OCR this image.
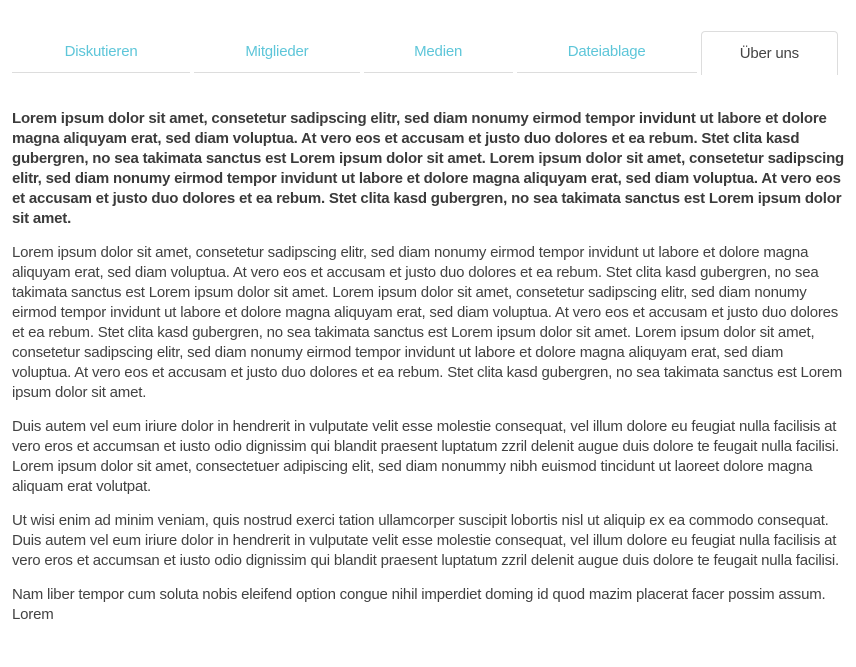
Diskutieren	Mitglieder	Medien	Dateiablage	Über uns

Lorem ipsum dolor sit amet, consetetur sadipscing elitr, sed diam nonumy eirmod tempor invidunt ut labore et dolore magna aliquyam erat, sed diam voluptua. At vero eos et accusam et justo duo dolores et ea rebum. Stet clita kasd gubergren, no sea takimata sanctus est Lorem ipsum dolor sit amet. Lorem ipsum dolor sit amet, consetetur sadipscing elitr, sed diam nonumy eirmod tempor invidunt ut labore et dolore magna aliquyam erat, sed diam voluptua. At vero eos et accusam et justo duo dolores et ea rebum. Stet clita kasd gubergren, no sea takimata sanctus est Lorem ipsum dolor sit amet.

Lorem ipsum dolor sit amet, consetetur sadipscing elitr, sed diam nonumy eirmod tempor invidunt ut labore et dolore magna aliquyam erat, sed diam voluptua. At vero eos et accusam et justo duo dolores et ea rebum. Stet clita kasd gubergren, no sea takimata sanctus est Lorem ipsum dolor sit amet. Lorem ipsum dolor sit amet, consetetur sadipscing elitr, sed diam nonumy eirmod tempor invidunt ut labore et dolore magna aliquyam erat, sed diam voluptua. At vero eos et accusam et justo duo dolores et ea rebum. Stet clita kasd gubergren, no sea takimata sanctus est Lorem ipsum dolor sit amet. Lorem ipsum dolor sit amet, consetetur sadipscing elitr, sed diam nonumy eirmod tempor invidunt ut labore et dolore magna aliquyam erat, sed diam voluptua. At vero eos et accusam et justo duo dolores et ea rebum. Stet clita kasd gubergren, no sea takimata sanctus est Lorem ipsum dolor sit amet.

Duis autem vel eum iriure dolor in hendrerit in vulputate velit esse molestie consequat, vel illum dolore eu feugiat nulla facilisis at vero eros et accumsan et iusto odio dignissim qui blandit praesent luptatum zzril delenit augue duis dolore te feugait nulla facilisi. Lorem ipsum dolor sit amet, consectetuer adipiscing elit, sed diam nonummy nibh euismod tincidunt ut laoreet dolore magna aliquam erat volutpat.

Ut wisi enim ad minim veniam, quis nostrud exerci tation ullamcorper suscipit lobortis nisl ut aliquip ex ea commodo consequat. Duis autem vel eum iriure dolor in hendrerit in vulputate velit esse molestie consequat, vel illum dolore eu feugiat nulla facilisis at vero eros et accumsan et iusto odio dignissim qui blandit praesent luptatum zzril delenit augue duis dolore te feugait nulla facilisi.

Nam liber tempor cum soluta nobis eleifend option congue nihil imperdiet doming id quod mazim placerat facer possim assum. Lorem
